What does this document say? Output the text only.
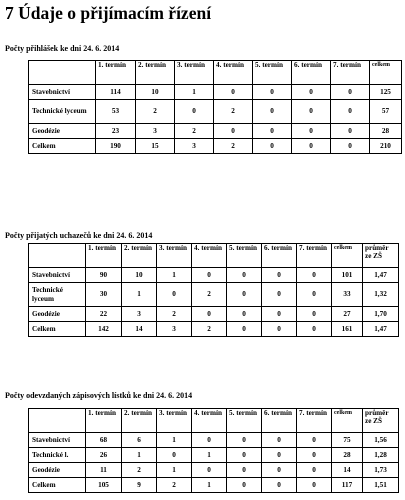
7 Údaje o přijímacím řízení

Počty přihlášek ke dni 24. 6. 2014

	1. termín	2. termín	3. termín	4. termín	5. termín	6. termín	7. termín	celkem
Stavebnictví	114	10	1	0	0	0	0	125
Technické lyceum	53	2	0	2	0	0	0	57
Geodézie	23	3	2	0	0	0	0	28
Celkem	190	15	3	2	0	0	0	210

Počty přijatých uchazečů ke dni 24. 6. 2014

	1. termín	2. termín	3. termín	4. termín	5. termín	6. termín	7. termín	celkem	průměr ze ZŠ
Stavebnictví	90	10	1	0	0	0	0	101	1,47
Technické lyceum	30	1	0	2	0	0	0	33	1,32
Geodézie	22	3	2	0	0	0	0	27	1,70
Celkem	142	14	3	2	0	0	0	161	1,47

Počty odevzdaných zápisových lístků ke dni 24. 6. 2014

	1. termín	2. termín	3. termín	4. termín	5. termín	6. termín	7. termín	celkem	průměr ze ZŠ
Stavebnictví	68	6	1	0	0	0	0	75	1,56
Technické l.	26	1	0	1	0	0	0	28	1,28
Geodézie	11	2	1	0	0	0	0	14	1,73
Celkem	105	9	2	1	0	0	0	117	1,51
